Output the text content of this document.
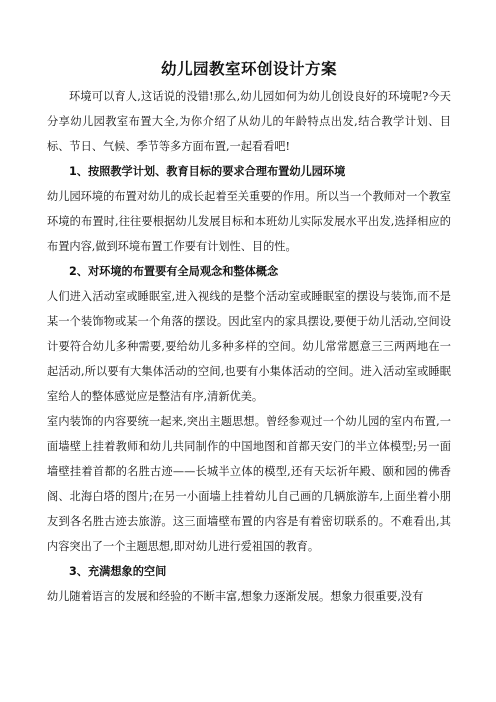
幼儿园教室环创设计方案

环境可以育人,这话说的没错!那么,幼儿园如何为幼儿创设良好的环境呢?今天分享幼儿园教室布置大全,为你介绍了从幼儿的年龄特点出发,结合教学计划、目标、节日、气候、季节等多方面布置,一起看看吧!

1、按照教学计划、教育目标的要求合理布置幼儿园环境

幼儿园环境的布置对幼儿的成长起着至关重要的作用。所以当一个教师对一个教室环境的布置时,往往要根据幼儿发展目标和本班幼儿实际发展水平出发,选择相应的布置内容,做到环境布置工作要有计划性、目的性。

2、对环境的布置要有全局观念和整体概念

人们进入活动室或睡眠室,进入视线的是整个活动室或睡眠室的摆设与装饰,而不是某一个装饰物或某一个角落的摆设。因此室内的家具摆设,要便于幼儿活动,空间设计要符合幼儿多种需要,要给幼儿多种多样的空间。幼儿常常愿意三三两两地在一起活动,所以要有大集体活动的空间,也要有小集体活动的空间。进入活动室或睡眠室给人的整体感觉应是整洁有序,清新优美。

室内装饰的内容要统一起来,突出主题思想。曾经参观过一个幼儿园的室内布置,一面墙壁上挂着教师和幼儿共同制作的中国地图和首都天安门的半立体模型;另一面墙壁挂着首都的名胜古迹——长城半立体的模型,还有天坛祈年殿、颐和园的佛香阁、北海白塔的图片;在另一小面墙上挂着幼儿自己画的几辆旅游车,上面坐着小朋友到各名胜古迹去旅游。这三面墙壁布置的内容是有着密切联系的。不难看出,其内容突出了一个主题思想,即对幼儿进行爱祖国的教育。

3、充满想象的空间

幼儿随着语言的发展和经验的不断丰富,想象力逐渐发展。想象力很重要,没有
